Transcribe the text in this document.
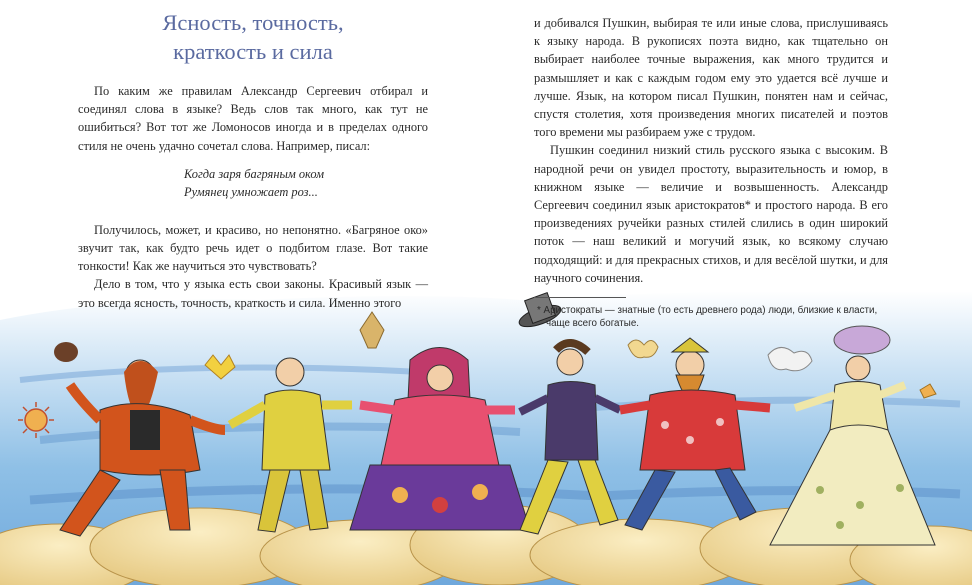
Ясность, точность,
краткость и сила

По каким же правилам Александр Сергеевич отбирал и соединял слова в языке? Ведь слов так много, как тут не ошибиться? Вот тот же Ломоносов иногда и в пределах одного стиля не очень удачно сочетал слова. Например, писал:

Когда заря багряным оком
Румянец умножает роз...

Получилось, может, и красиво, но непонятно. «Багряное око» звучит так, как будто речь идет о подбитом глазе. Вот такие тонкости! Как же научиться это чувствовать?

Дело в том, что у языка есть свои законы. Красивый язык — это всегда ясность, точность, краткость и сила. Именно этого

и добивался Пушкин, выбирая те или иные слова, прислушиваясь к языку народа. В рукописях поэта видно, как тщательно он выбирает наиболее точные выражения, как много трудится и размышляет и как с каждым годом ему это удается всё лучше и лучше. Язык, на котором писал Пушкин, понятен нам и сейчас, спустя столетия, хотя произведения многих писателей и поэтов того времени мы разбираем уже с трудом.

Пушкин соединил низкий стиль русского языка с высоким. В народной речи он увидел простоту, выразительность и юмор, в книжном языке — величие и возвышенность. Александр Сергеевич соединил язык аристократов* и простого народа. В его произведениях ручейки разных стилей слились в один широкий поток — наш великий и могучий язык, ко всякому случаю подходящий: и для прекрасных стихов, и для весёлой шутки, и для научного сочинения.

* Аристократы — знатные (то есть древнего рода) люди, близкие к власти, чаще всего богатые.
